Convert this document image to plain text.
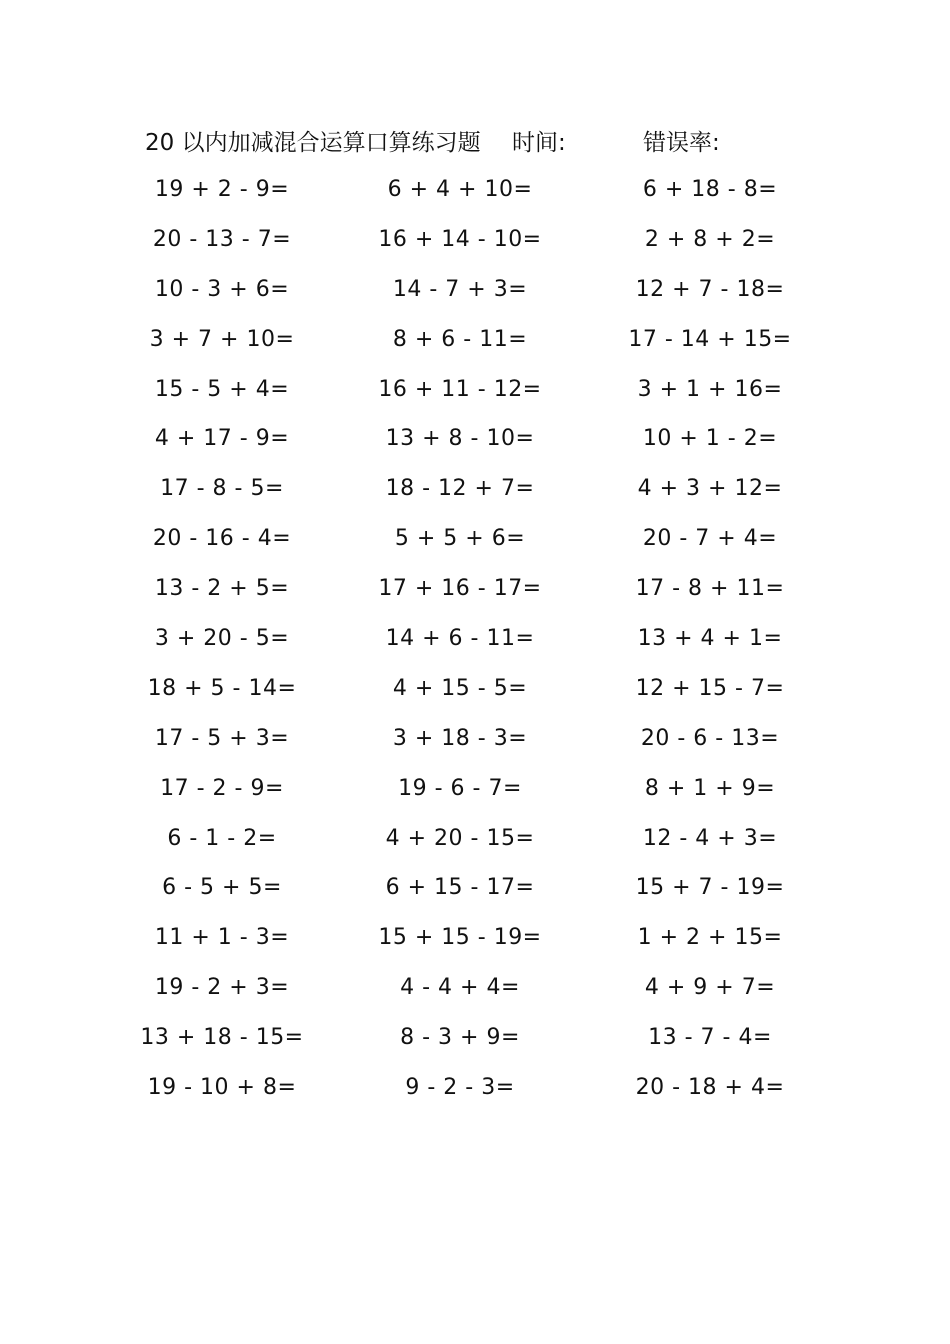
20 以内加减混合运算口算练习题 时间:	错误率:
19 + 2 - 9=	6 + 4 + 10=	6 + 18 - 8=
20 - 13 - 7=	16 + 14 - 10=	2 + 8 + 2=
10 - 3 + 6=	14 - 7 + 3=	12 + 7 - 18=
3 + 7 + 10=	8 + 6 - 11=	17 - 14 + 15=
15 - 5 + 4=	16 + 11 - 12=	3 + 1 + 16=
4 + 17 - 9=	13 + 8 - 10=	10 + 1 - 2=
17 - 8 - 5=	18 - 12 + 7=	4 + 3 + 12=
20 - 16 - 4=	5 + 5 + 6=	20 - 7 + 4=
13 - 2 + 5=	17 + 16 - 17=	17 - 8 + 11=
3 + 20 - 5=	14 + 6 - 11=	13 + 4 + 1=
18 + 5 - 14=	4 + 15 - 5=	12 + 15 - 7=
17 - 5 + 3=	3 + 18 - 3=	20 - 6 - 13=
17 - 2 - 9=	19 - 6 - 7=	8 + 1 + 9=
6 - 1 - 2=	4 + 20 - 15=	12 - 4 + 3=
6 - 5 + 5=	6 + 15 - 17=	15 + 7 - 19=
11 + 1 - 3=	15 + 15 - 19=	1 + 2 + 15=
19 - 2 + 3=	4 - 4 + 4=	4 + 9 + 7=
13 + 18 - 15=	8 - 3 + 9=	13 - 7 - 4=
19 - 10 + 8=	9 - 2 - 3=	20 - 18 + 4=
